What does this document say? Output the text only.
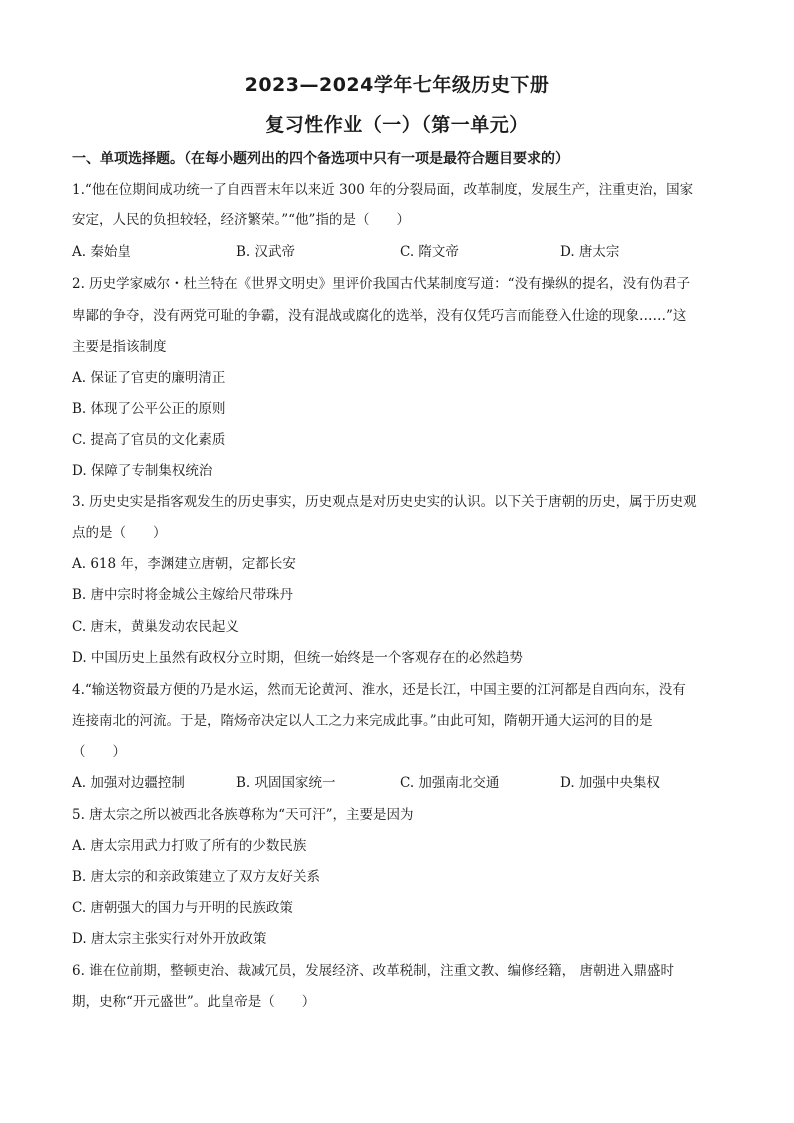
2023—2024学年七年级历史下册
复习性作业（一）（第一单元）
一、单项选择题。（在每小题列出的四个备选项中只有一项是最符合题目要求的）
1.“他在位期间成功统一了自西晋末年以来近 300 年的分裂局面，改革制度，发展生产，注重吏治，国家
安定，人民的负担较轻，经济繁荣。”“他”指的是（　　）
A. 秦始皇	B. 汉武帝	C. 隋文帝	D. 唐太宗
2. 历史学家威尔・杜兰特在《世界文明史》里评价我国古代某制度写道：“没有操纵的提名，没有伪君子
卑鄙的争夺，没有两党可耻的争霸，没有混战或腐化的选举，没有仅凭巧言而能登入仕途的现象……”这
主要是指该制度
A. 保证了官吏的廉明清正
B. 体现了公平公正的原则
C. 提高了官员的文化素质
D. 保障了专制集权统治
3. 历史史实是指客观发生的历史事实，历史观点是对历史史实的认识。以下关于唐朝的历史，属于历史观
点的是（　　）
A. 618 年，李渊建立唐朝，定都长安
B. 唐中宗时将金城公主嫁给尺带珠丹
C. 唐末，黄巢发动农民起义
D. 中国历史上虽然有政权分立时期，但统一始终是一个客观存在的必然趋势
4.“输送物资最方便的乃是水运，然而无论黄河、淮水，还是长江，中国主要的江河都是自西向东，没有
连接南北的河流。于是，隋炀帝决定以人工之力来完成此事。”由此可知，隋朝开通大运河的目的是
（　　）
A. 加强对边疆控制	B. 巩固国家统一	C. 加强南北交通	D. 加强中央集权
5. 唐太宗之所以被西北各族尊称为“天可汗”，主要是因为
A. 唐太宗用武力打败了所有的少数民族
B. 唐太宗的和亲政策建立了双方友好关系
C. 唐朝强大的国力与开明的民族政策
D. 唐太宗主张实行对外开放政策
6. 谁在位前期，整顿吏治、裁减冗员，发展经济、改革税制，注重文教、编修经籍， 唐朝进入鼎盛时
期，史称“开元盛世”。此皇帝是（　　）
